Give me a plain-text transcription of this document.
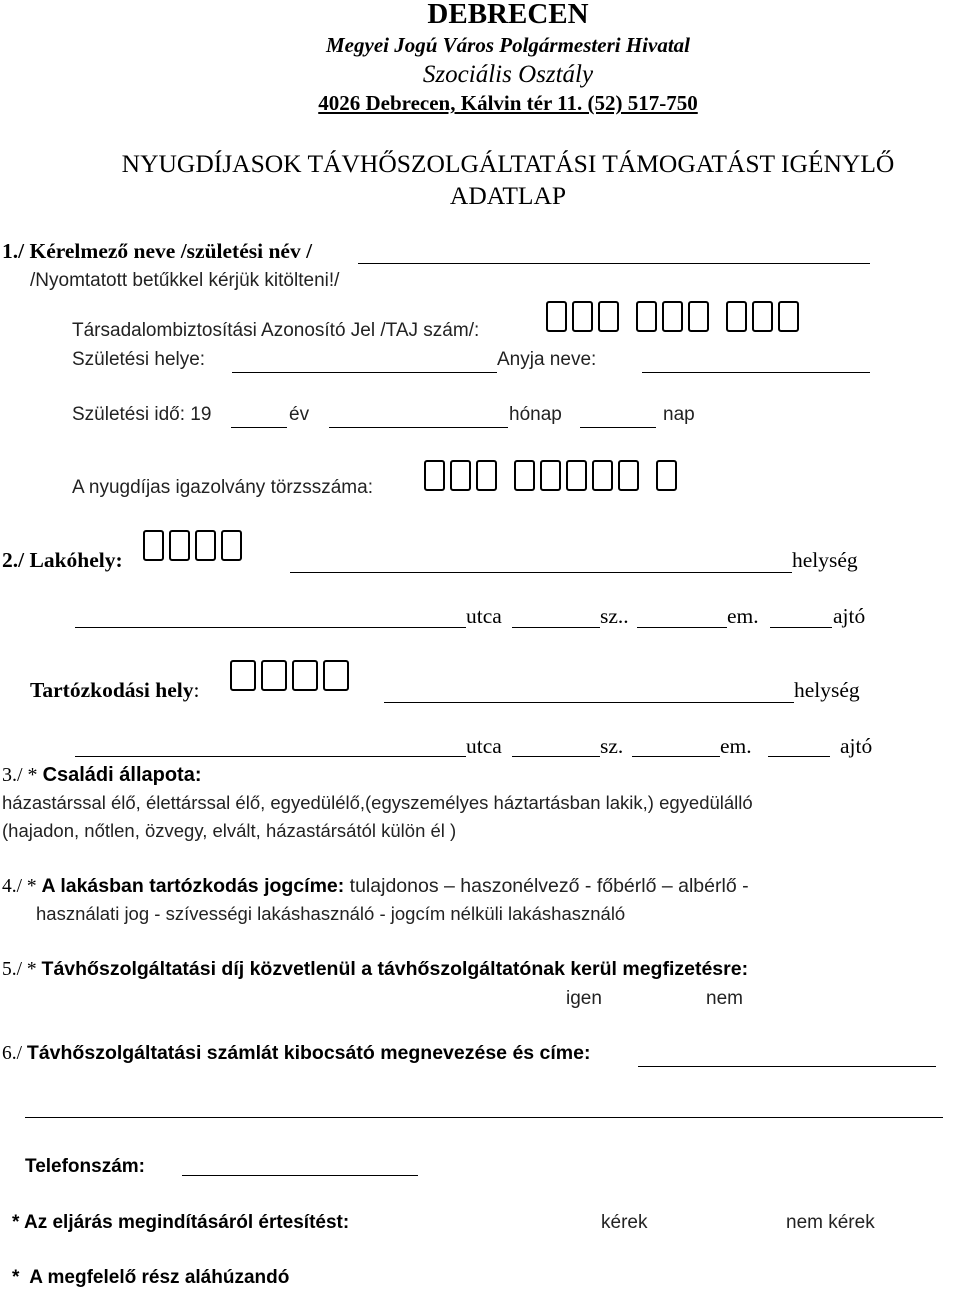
DEBRECEN
Megyei Jogú Város Polgármesteri Hivatal
Szociális Osztály
4026 Debrecen, Kálvin tér 11. (52) 517-750
NYUGDÍJASOK TÁVHŐSZOLGÁLTATÁSI TÁMOGATÁST IGÉNYLŐ
ADATLAP
1./ Kérelmező neve /születési név /
/Nyomtatott betűkkel kérjük kitölteni!/
Társadalombiztosítási Azonosító Jel /TAJ szám/:
Születési helye:	Anyja neve:
Születési idő: 19	év	hónap	nap
A nyugdíjas igazolvány törzsszáma:
2./ Lakóhely:	helység
utca	sz..	em.	ajtó
Tartózkodási hely:	helység
utca	sz.	em.	ajtó
3./ * Családi állapota:
házastárssal élő, élettárssal élő, egyedülélő,(egyszemélyes háztartásban lakik,) egyedülálló
(hajadon, nőtlen, özvegy, elvált, házastársától külön él )
4./ * A lakásban tartózkodás jogcíme: tulajdonos – haszonélvező - főbérlő – albérlő -
használati jog - szívességi lakáshasználó - jogcím nélküli lakáshasználó
5./ * Távhőszolgáltatási díj közvetlenül a távhőszolgáltatónak kerül megfizetésre:
igen	nem
6./ Távhőszolgáltatási számlát kibocsátó megnevezése és címe:
Telefonszám:
* Az eljárás megindításáról értesítést:	kérek	nem kérek
*  A megfelelő rész aláhúzandó
